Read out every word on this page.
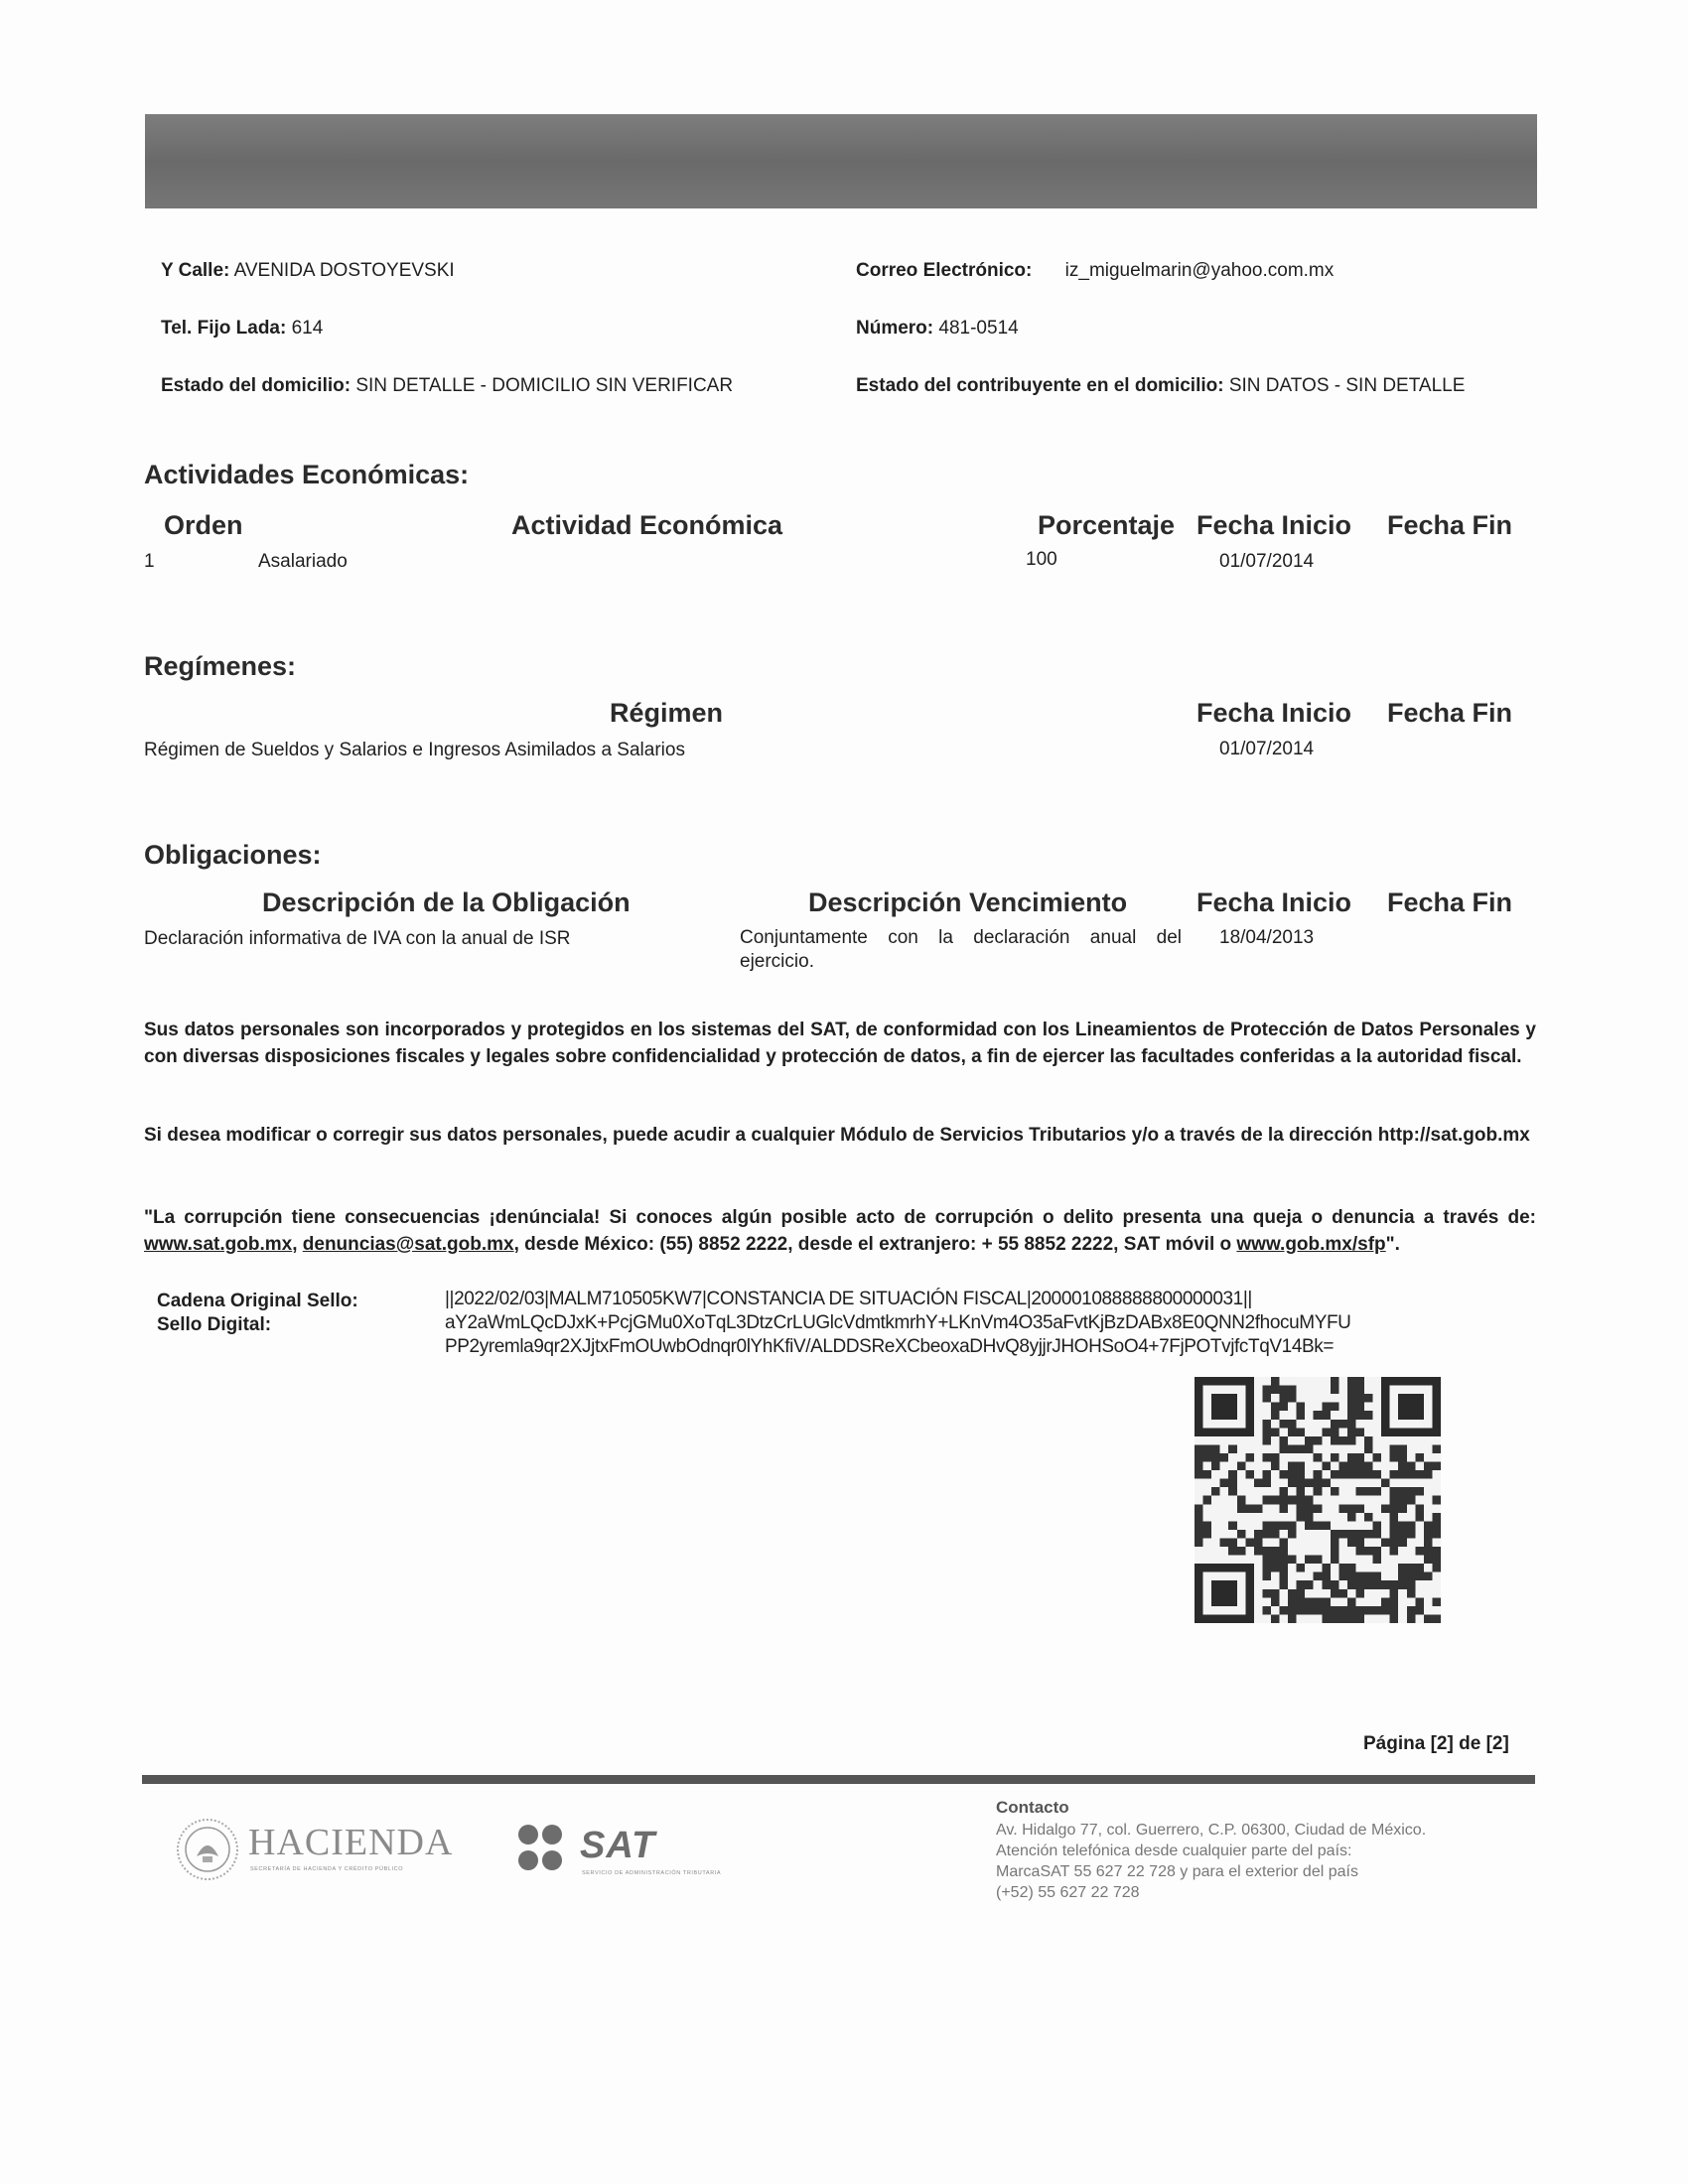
Y Calle: AVENIDA DOSTOYEVSKI	Correo Electrónico: iz_miguelmarin@yahoo.com.mx
Tel. Fijo Lada: 614	Número: 481-0514
Estado del domicilio: SIN DETALLE - DOMICILIO SIN VERIFICAR	Estado del contribuyente en el domicilio: SIN DATOS - SIN DETALLE
Actividades Económicas:
Orden	Actividad Económica	Porcentaje Fecha Inicio Fecha Fin
1	Asalariado	100	01/07/2014
Regímenes:
Régimen	Fecha Inicio Fecha Fin
Régimen de Sueldos y Salarios e Ingresos Asimilados a Salarios	01/07/2014
Obligaciones:
Descripción de la Obligación	Descripción Vencimiento	Fecha Inicio Fecha Fin
Declaración informativa de IVA con la anual de ISR	Conjuntamente con la declaración anual del
ejercicio.
18/04/2013
Sus datos personales son incorporados y protegidos en los sistemas del SAT, de conformidad con los Lineamientos de Protección de Datos Personales y con diversas disposiciones fiscales y legales sobre confidencialidad y protección de datos, a fin de ejercer las facultades conferidas a la autoridad fiscal.
Si desea modificar o corregir sus datos personales, puede acudir a cualquier Módulo de Servicios Tributarios y/o a través de la dirección http://sat.gob.mx
"La corrupción tiene consecuencias ¡denúnciala! Si conoces algún posible acto de corrupción o delito presenta una queja o denuncia a través de: www.sat.gob.mx, denuncias@sat.gob.mx, desde México: (55) 8852 2222, desde el extranjero: + 55 8852 2222, SAT móvil o www.gob.mx/sfp".
Cadena Original Sello:
Sello Digital:
||2022/02/03|MALM710505KW7|CONSTANCIA DE SITUACIÓN FISCAL|200001088888800000031||
aY2aWmLQcDJxK+PcjGMu0XoTqL3DtzCrLUGlcVdmtkmrhY+LKnVm4O35aFvtKjBzDABx8E0QNN2fhocuMYFU
PP2yremla9qr2XJjtxFmOUwbOdnqr0lYhKfiV/ALDDSReXCbeoxaDHvQ8yjjrJHOHSoO4+7FjPOTvjfcTqV14Bk=
Página [2] de [2]
HACIENDA
SECRETARÍA DE HACIENDA Y CRÉDITO PÚBLICO
SAT
SERVICIO DE ADMINISTRACIÓN TRIBUTARIA
Contacto
Av. Hidalgo 77, col. Guerrero, C.P. 06300, Ciudad de México.
Atención telefónica desde cualquier parte del país:
MarcaSAT 55 627 22 728 y para el exterior del país
(+52) 55 627 22 728
